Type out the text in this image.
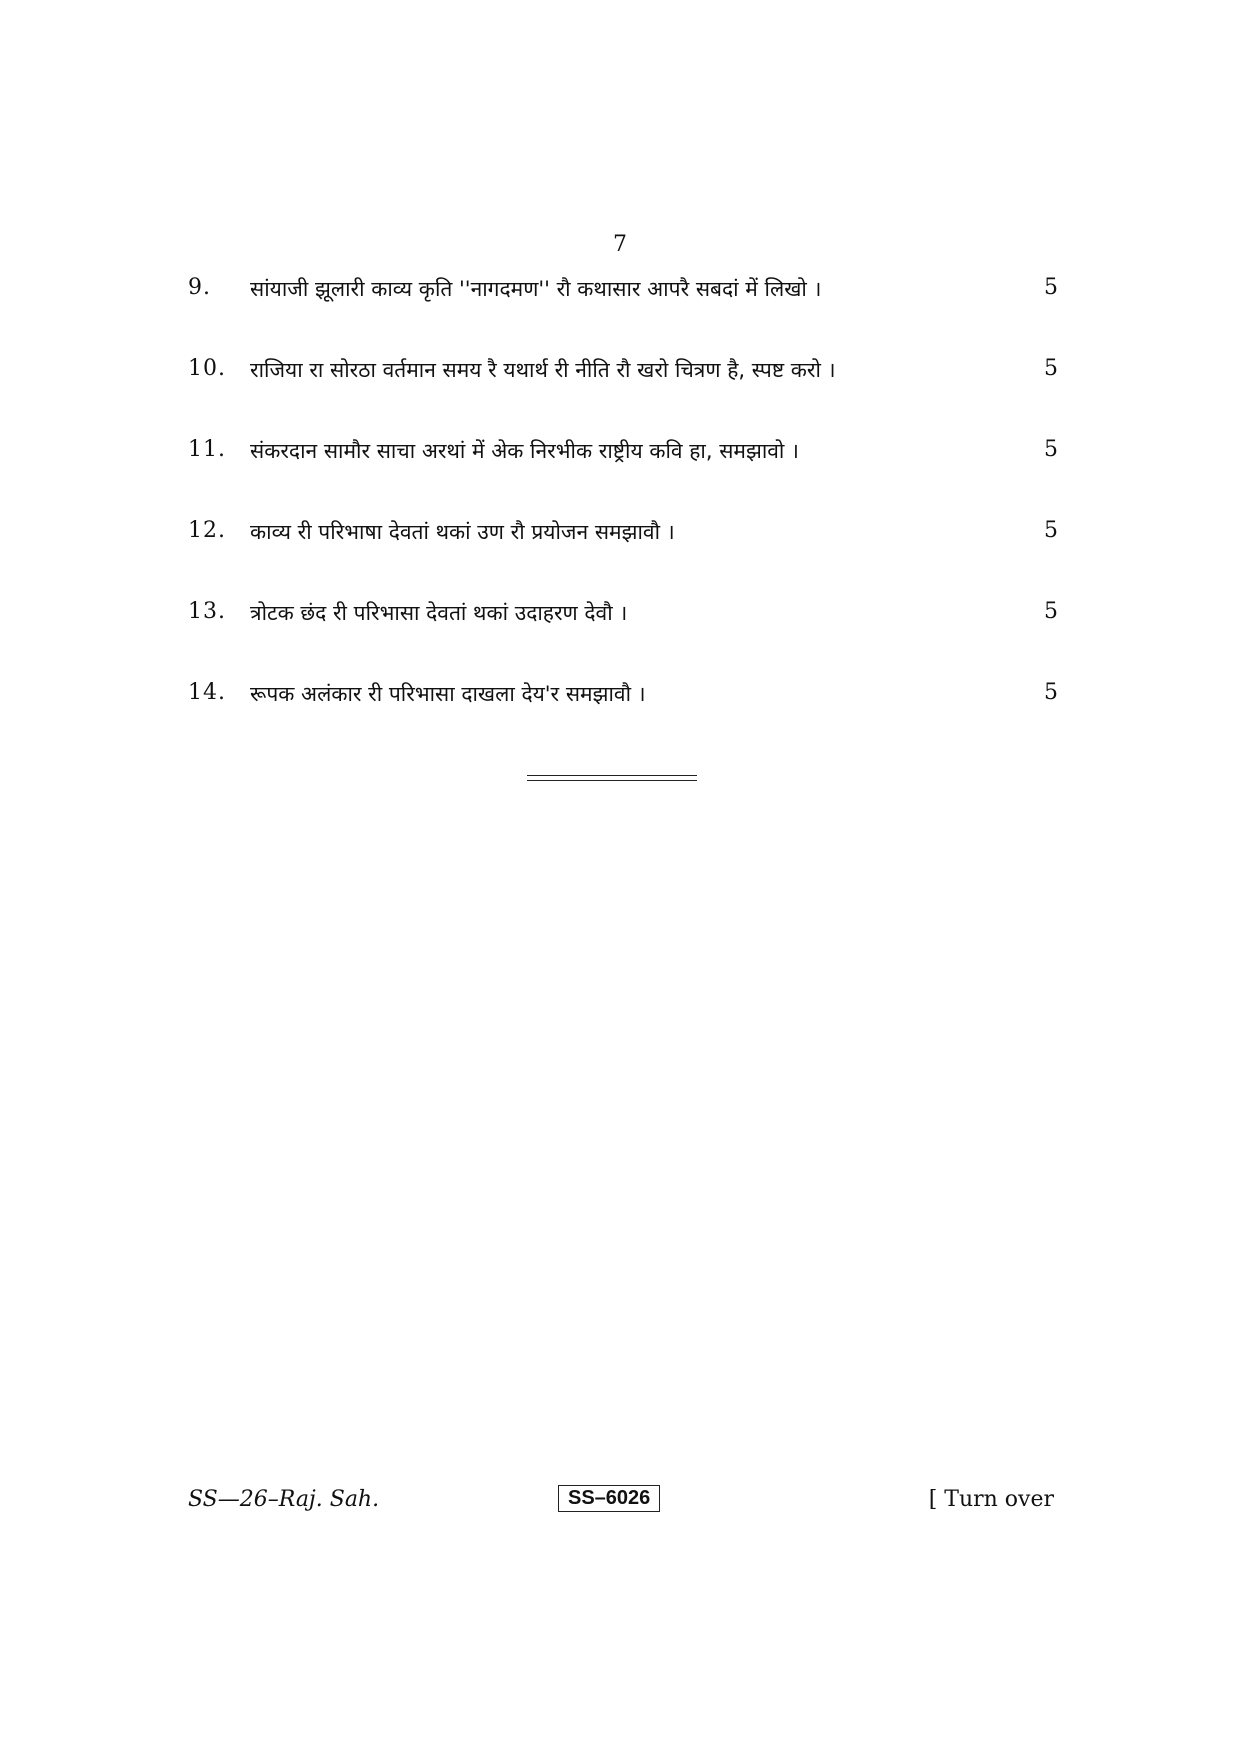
7
9. सांयाजी झूलारी काव्य कृति ''नागदमण'' रौ कथासार आपरै सबदां में लिखो ।	5
10. राजिया रा सोरठा वर्तमान समय रै यथार्थ री नीति रौ खरो चित्रण है, स्पष्ट करो ।	5
11. संकरदान सामौर साचा अरथां में अेक निरभीक राष्ट्रीय कवि हा, समझावो ।	5
12. काव्य री परिभाषा देवतां थकां उण रौ प्रयोजन समझावौ ।	5
13. त्रोटक छंद री परिभासा देवतां थकां उदाहरण देवौ ।	5
14. रूपक अलंकार री परिभासा दाखला देय'र समझावौ ।	5
SS—26–Raj. Sah.	SS–6026	[ Turn over
